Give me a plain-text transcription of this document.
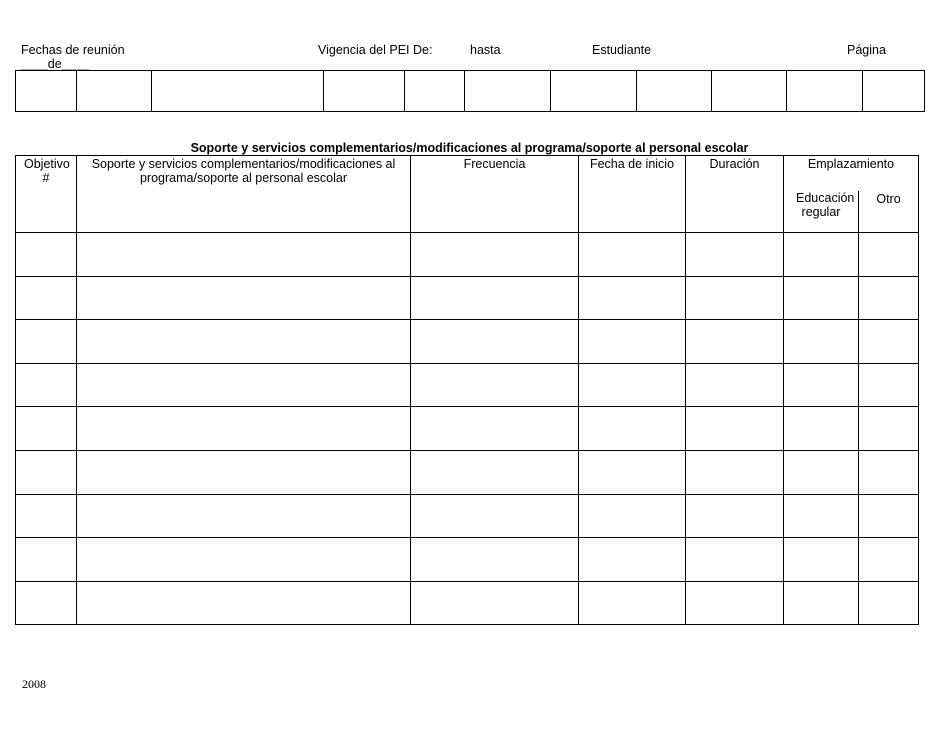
Fechas de reunión
____de____
Vigencia del PEI De:	hasta	Estudiante	Página

Soporte y servicios complementarios/modificaciones al programa/soporte al personal escolar
Objetivo #	Soporte y servicios complementarios/modificaciones al programa/soporte al personal escolar	Frecuencia	Fecha de inicio	Duración	Emplazamiento	
					Educación regular	Otro

2008
